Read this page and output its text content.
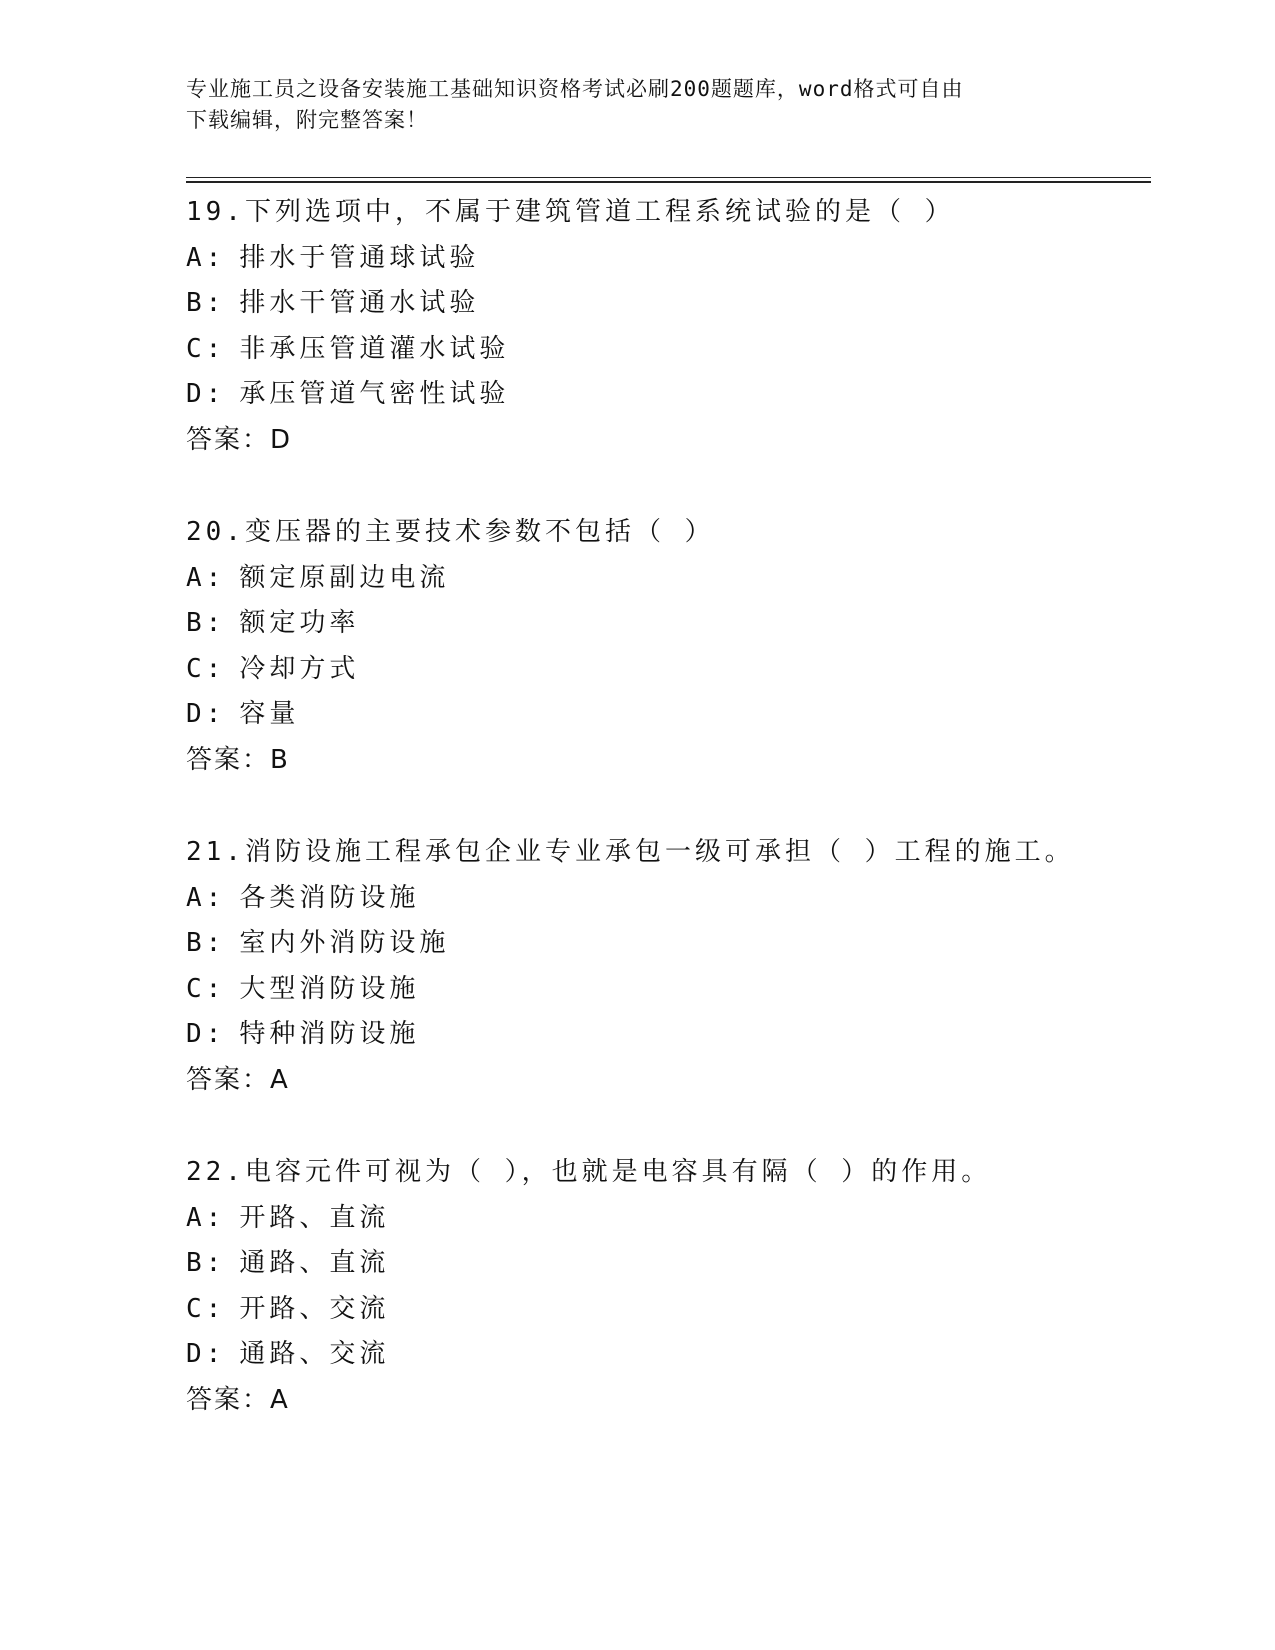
专业施工员之设备安装施工基础知识资格考试必刷200题题库，word格式可自由
下载编辑，附完整答案！
19.下列选项中，不属于建筑管道工程系统试验的是（ ）
A: 排水于管通球试验
B: 排水干管通水试验
C: 非承压管道灌水试验
D: 承压管道气密性试验
答案：D
20.变压器的主要技术参数不包括（ ）
A: 额定原副边电流
B: 额定功率
C: 冷却方式
D: 容量
答案：B
21.消防设施工程承包企业专业承包一级可承担（ ）工程的施工。
A: 各类消防设施
B: 室内外消防设施
C: 大型消防设施
D: 特种消防设施
答案：A
22.电容元件可视为（ ），也就是电容具有隔（ ）的作用。
A: 开路、直流
B: 通路、直流
C: 开路、交流
D: 通路、交流
答案：A
